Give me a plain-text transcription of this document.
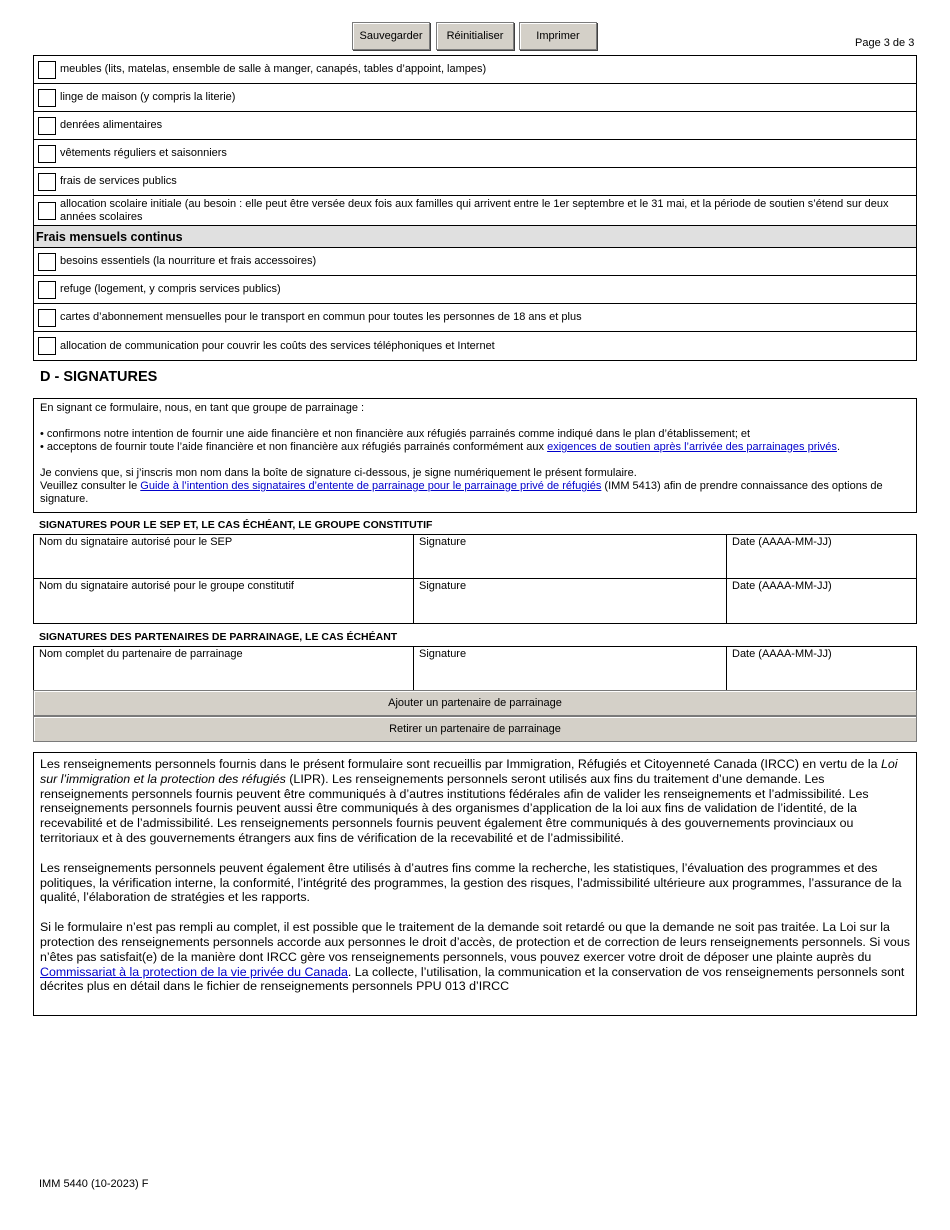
Sauvegarder	Réinitialiser	Imprimer
Page 3 de 3
meubles (lits, matelas, ensemble de salle à manger, canapés, tables d’appoint, lampes)
linge de maison (y compris la literie)
denrées alimentaires
vêtements réguliers et saisonniers
frais de services publics
allocation scolaire initiale (au besoin : elle peut être versée deux fois aux familles qui arrivent entre le 1er septembre et le 31 mai, et la période de soutien s’étend sur deux années scolaires
Frais mensuels continus
besoins essentiels (la nourriture et frais accessoires)
refuge (logement, y compris services publics)
cartes d’abonnement mensuelles pour le transport en commun pour toutes les personnes de 18 ans et plus
allocation de communication pour couvrir les coûts des services téléphoniques et Internet
D - SIGNATURES

En signant ce formulaire, nous, en tant que groupe de parrainage :

• confirmons notre intention de fournir une aide financière et non financière aux réfugiés parrainés comme indiqué dans le plan d’établissement; et

• acceptons de fournir toute l’aide financière et non financière aux réfugiés parrainés conformément aux exigences de soutien après l’arrivée des parrainages privés.

Je conviens que, si j’inscris mon nom dans la boîte de signature ci-dessous, je signe numériquement le présent formulaire.

Veuillez consulter le Guide à l’intention des signataires d’entente de parrainage pour le parrainage privé de réfugiés (IMM 5413) afin de prendre connaissance des options de signature.

SIGNATURES POUR LE SEP ET, LE CAS ÉCHÉANT, LE GROUPE CONSTITUTIF
Nom du signataire autorisé pour le SEP	Signature	Date (AAAA-MM-JJ)
Nom du signataire autorisé pour le groupe constitutif	Signature	Date (AAAA-MM-JJ)
SIGNATURES DES PARTENAIRES DE PARRAINAGE, LE CAS ÉCHÉANT
Nom complet du partenaire de parrainage	Signature	Date (AAAA-MM-JJ)
Ajouter un partenaire de parrainage
Retirer un partenaire de parrainage

Les renseignements personnels fournis dans le présent formulaire sont recueillis par Immigration, Réfugiés et Citoyenneté Canada (IRCC) en vertu de la Loi sur l’immigration et la protection des réfugiés (LIPR). Les renseignements personnels seront utilisés aux fins du traitement d’une demande. Les renseignements personnels fournis peuvent être communiqués à d’autres institutions fédérales afin de valider les renseignements et l’admissibilité. Les renseignements personnels fournis peuvent aussi être communiqués à des organismes d’application de la loi aux fins de validation de l’identité, de la recevabilité et de l’admissibilité. Les renseignements personnels fournis peuvent également être communiqués à des gouvernements provinciaux ou territoriaux et à des gouvernements étrangers aux fins de vérification de la recevabilité et de l’admissibilité.

Les renseignements personnels peuvent également être utilisés à d’autres fins comme la recherche, les statistiques, l’évaluation des programmes et des politiques, la vérification interne, la conformité, l’intégrité des programmes, la gestion des risques, l’admissibilité ultérieure aux programmes, l’assurance de la qualité, l’élaboration de stratégies et les rapports.

Si le formulaire n’est pas rempli au complet, il est possible que le traitement de la demande soit retardé ou que la demande ne soit pas traitée. La Loi sur la protection des renseignements personnels accorde aux personnes le droit d’accès, de protection et de correction de leurs renseignements personnels. Si vous n’êtes pas satisfait(e) de la manière dont IRCC gère vos renseignements personnels, vous pouvez exercer votre droit de déposer une plainte auprès du Commissariat à la protection de la vie privée du Canada. La collecte, l’utilisation, la communication et la conservation de vos renseignements personnels sont décrites plus en détail dans le fichier de renseignements personnels PPU 013 d’IRCC

IMM 5440 (10-2023) F
